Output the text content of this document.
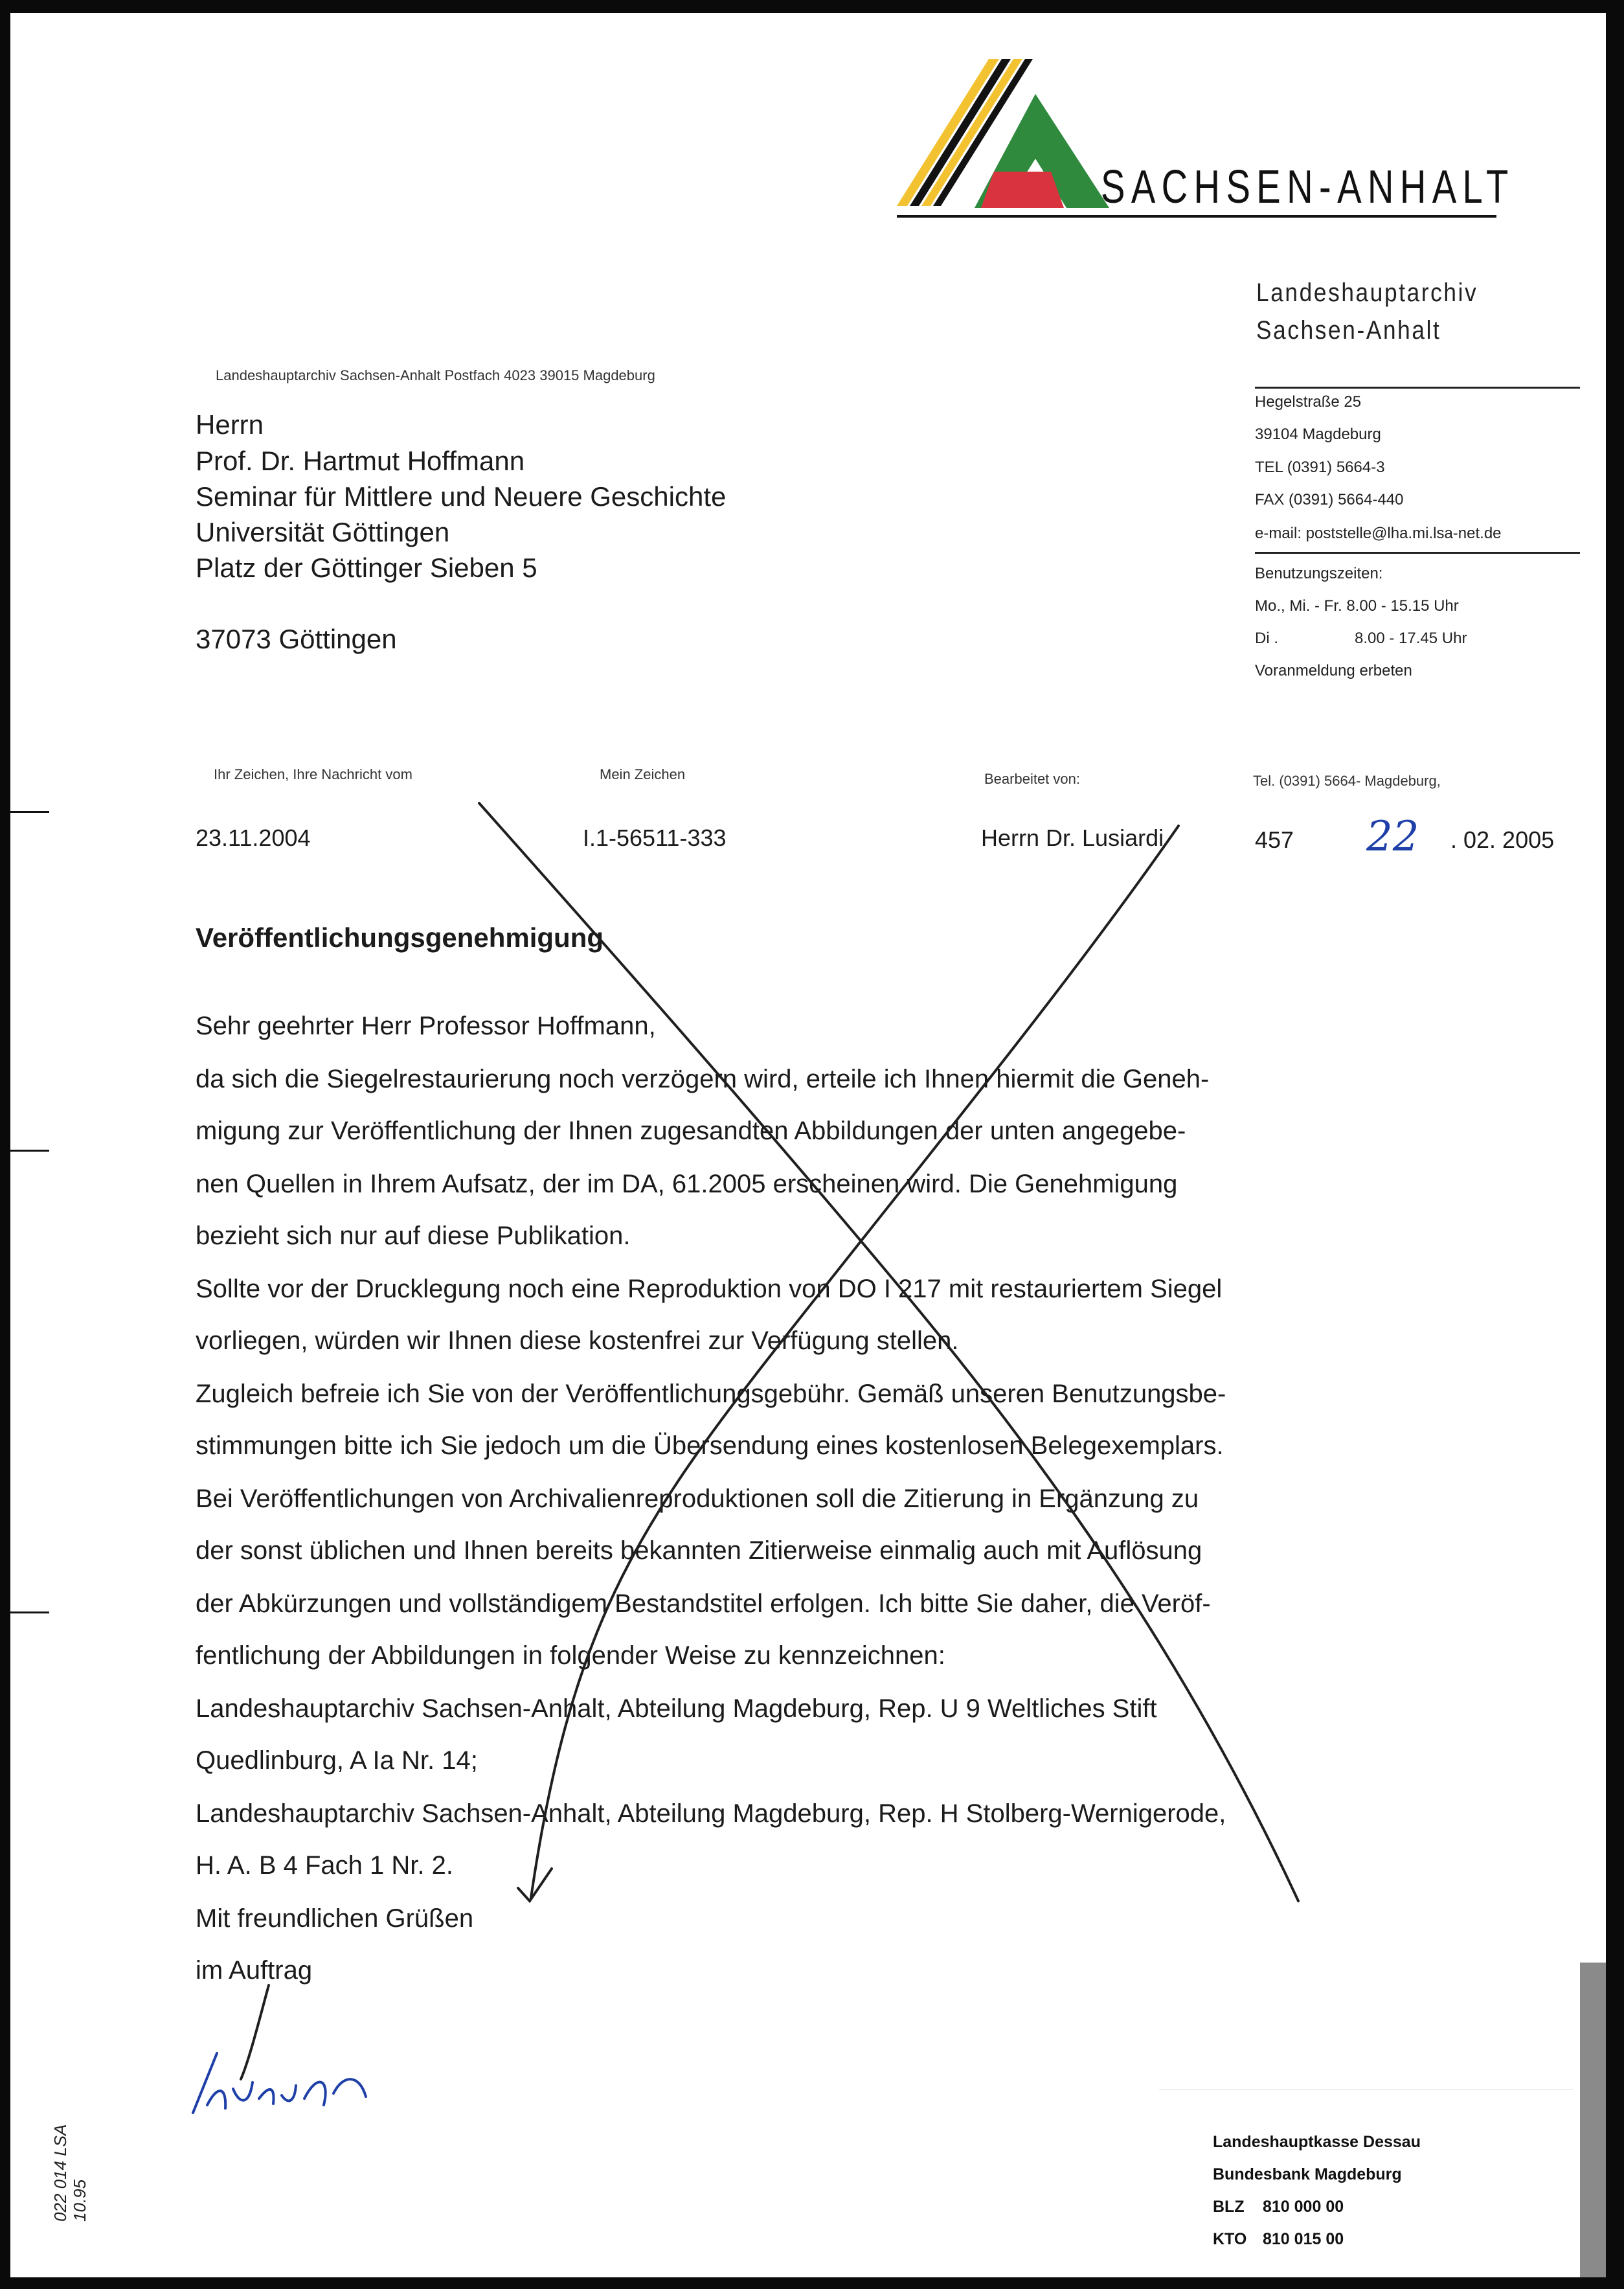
SACHSEN-ANHALT
Landeshauptarchiv
Sachsen-Anhalt
Hegelstraße 25
39104 Magdeburg
TEL (0391) 5664-3
FAX (0391) 5664-440
e-mail: poststelle@lha.mi.lsa-net.de
Benutzungszeiten:
Mo., Mi. - Fr. 8.00 - 15.15 Uhr
Di .	8.00 - 17.45 Uhr
Voranmeldung erbeten
Landeshauptarchiv Sachsen-Anhalt Postfach 4023 39015 Magdeburg
Herrn
Prof. Dr. Hartmut Hoffmann
Seminar für Mittlere und Neuere Geschichte
Universität Göttingen
Platz der Göttinger Sieben 5
37073 Göttingen
Ihr Zeichen, Ihre Nachricht vom	Mein Zeichen	Bearbeitet von:	Tel. (0391) 5664- Magdeburg,
23.11.2004	I.1-56511-333	Herrn Dr. Lusiardi	457 22 . 02. 2005
Veröffentlichungsgenehmigung
Sehr geehrter Herr Professor Hoffmann,
da sich die Siegelrestaurierung noch verzögern wird, erteile ich Ihnen hiermit die Geneh-
migung zur Veröffentlichung der Ihnen zugesandten Abbildungen der unten angegebe-
nen Quellen in Ihrem Aufsatz, der im DA, 61.2005 erscheinen wird. Die Genehmigung
bezieht sich nur auf diese Publikation.
Sollte vor der Drucklegung noch eine Reproduktion von DO I 217 mit restauriertem Siegel
vorliegen, würden wir Ihnen diese kostenfrei zur Verfügung stellen.
Zugleich befreie ich Sie von der Veröffentlichungsgebühr. Gemäß unseren Benutzungsbe-
stimmungen bitte ich Sie jedoch um die Übersendung eines kostenlosen Belegexemplars.
Bei Veröffentlichungen von Archivalienreproduktionen soll die Zitierung in Ergänzung zu
der sonst üblichen und Ihnen bereits bekannten Zitierweise einmalig auch mit Auflösung
der Abkürzungen und vollständigem Bestandstitel erfolgen. Ich bitte Sie daher, die Veröf-
fentlichung der Abbildungen in folgender Weise zu kennzeichnen:
Landeshauptarchiv Sachsen-Anhalt, Abteilung Magdeburg, Rep. U 9 Weltliches Stift
Quedlinburg, A Ia Nr. 14;
Landeshauptarchiv Sachsen-Anhalt, Abteilung Magdeburg, Rep. H Stolberg-Wernigerode,
H. A. B 4 Fach 1 Nr. 2.
Mit freundlichen Grüßen
im Auftrag
Landeshauptkasse Dessau
Bundesbank Magdeburg
BLZ 810 000 00
KTO 810 015 00
022 014 LSA 10.95
